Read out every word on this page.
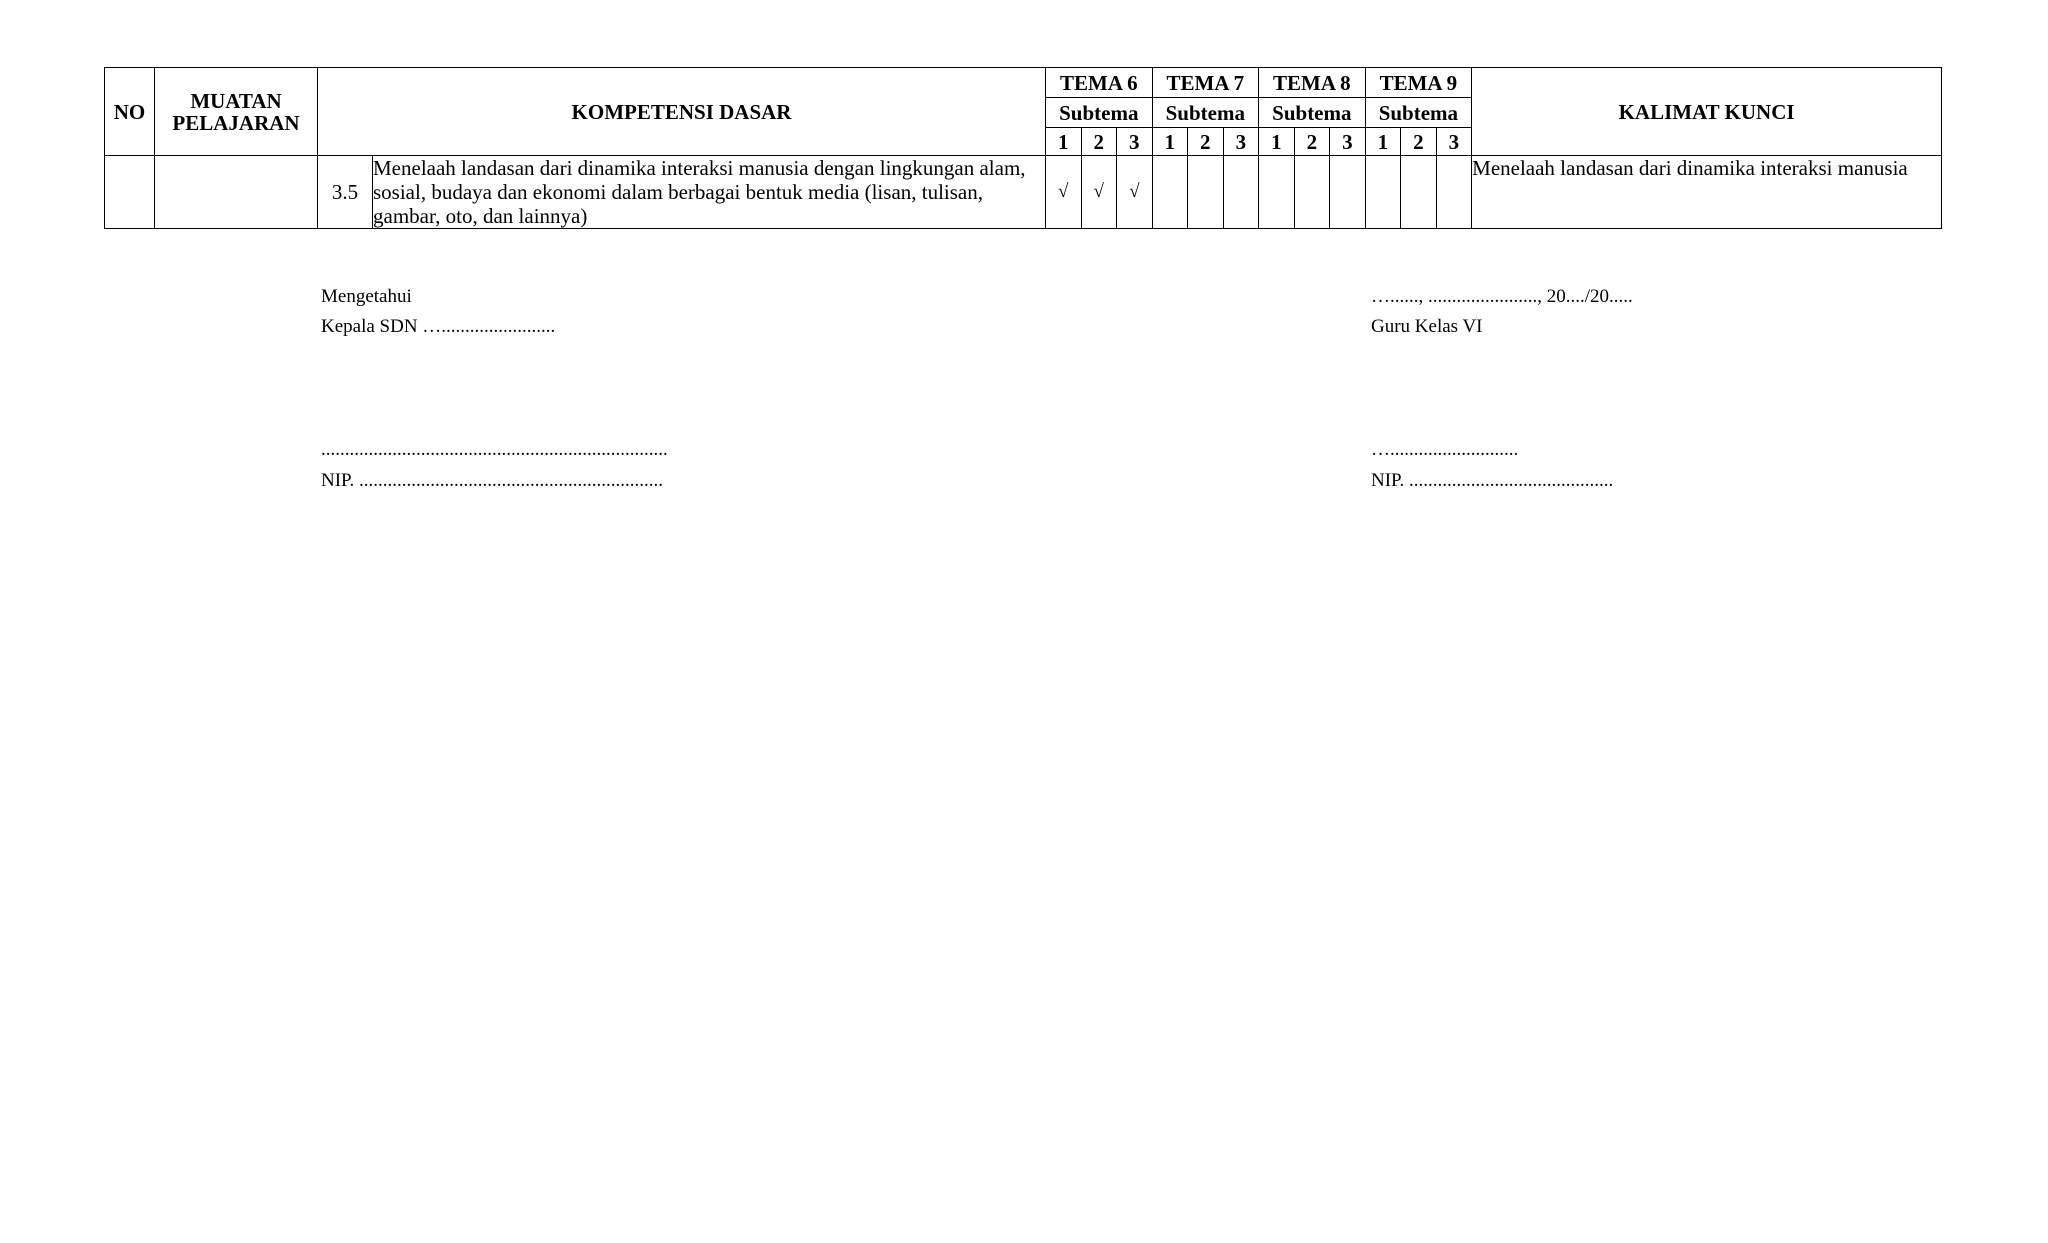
NO	MUATAN PELAJARAN	KOMPETENSI DASAR		TEMA 6			TEMA 7			TEMA 8			TEMA 9			KALIMAT KUNCI
				Subtema			Subtema			Subtema			Subtema			
				1	2	3	1	2	3	1	2	3	1	2	3	
		3.5	Menelaah landasan dari dinamika interaksi manusia dengan lingkungan alam, sosial, budaya dan ekonomi dalam berbagai bentuk media (lisan, tulisan, gambar, oto, dan lainnya)	√	√	√										Menelaah landasan dari dinamika interaksi manusia
Mengetahui
Kepala SDN …........................
.........................................................................
NIP. ................................................................
…......, ......................., 20..../20.....
Guru Kelas VI
…...........................
NIP. ...........................................
